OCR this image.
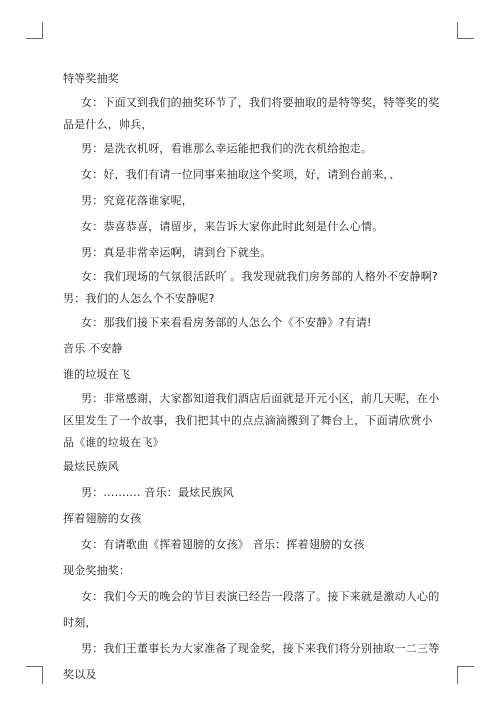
特等奖抽奖

女：下面又到我们的抽奖环节了，我们将要抽取的是特等奖，特等奖的奖品是什么，帅兵，

男：是洗衣机呀，看谁那么幸运能把我们的洗衣机给抱走。

女：好，我们有请一位同事来抽取这个奖项，好，请到台前来，、

男：究竟花落谁家呢，

女：恭喜恭喜，请留步，来告诉大家你此时此刻是什么心情。

男：真是非常幸运啊，请到台下就坐。

女：我们现场的气氛很活跃吖 。我发现就我们房务部的人格外不安静啊? 男：我们的人怎么个不安静呢?

女：那我们接下来看看房务部的人怎么个《不安静》?有请!

音乐 不安静

谁的垃圾在飞

男：非常感谢，大家都知道我们酒店后面就是开元小区，前几天呢，在小区里发生了一个故事，我们把其中的点点滴滴搬到了舞台上，下面请欣赏小品《谁的垃圾在飞》

最炫民族风

男：………. 音乐：最炫民族风

挥着翅膀的女孩

女：有请歌曲《挥着翅膀的女孩》 音乐：挥着翅膀的女孩

现金奖抽奖：

女：我们今天的晚会的节目表演已经告一段落了。接下来就是激动人心的时刻，

男：我们王董事长为大家准备了现金奖，接下来我们将分别抽取一二三等奖以及
